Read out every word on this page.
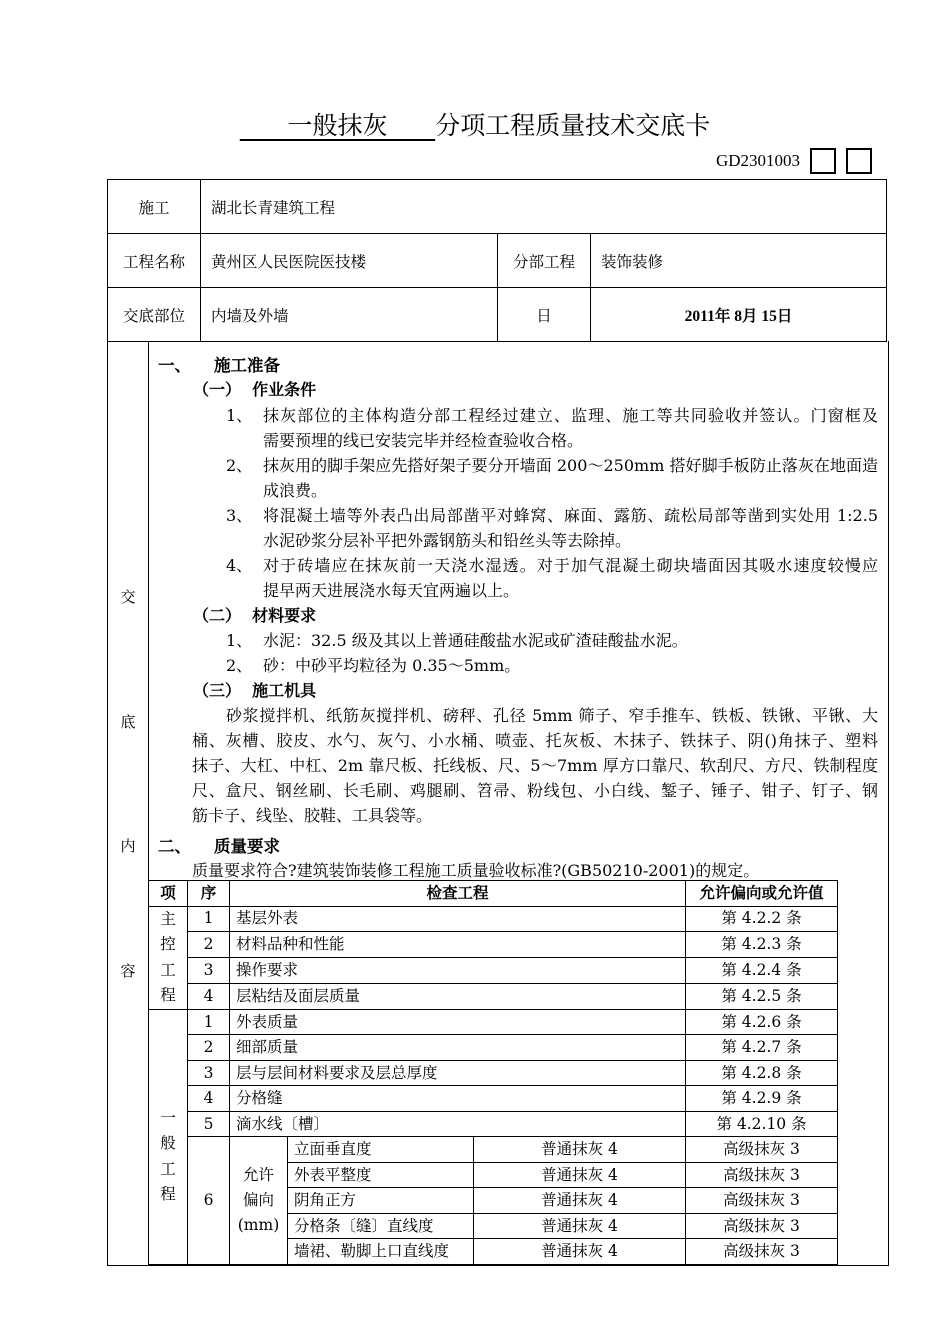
一般抹灰 分项工程质量技术交底卡
GD2301003
施工	湖北长青建筑工程		
工程名称	黄州区人民医院医技楼	分部工程	装饰装修
交底部位	内墙及外墙	日	2011年 8月 15日
交
底
内
容
一、    施工准备
（一）  作业条件
1、 抹灰部位的主体构造分部工程经过建立、监理、施工等共同验收并签认。门窗框及
需要预埋的线已安装完毕并经检查验收合格。
2、 抹灰用的脚手架应先搭好架子要分开墙面 200～250mm 搭好脚手板防止落灰在地面造
成浪费。
3、 将混凝土墙等外表凸出局部凿平对蜂窝、麻面、露筋、疏松局部等凿到实处用 1:2.5
水泥砂浆分层补平把外露钢筋头和铅丝头等去除掉。
4、 对于砖墙应在抹灰前一天浇水湿透。对于加气混凝土砌块墙面因其吸水速度较慢应
提早两天进展浇水每天宜两遍以上。
（二）  材料要求
1、 水泥：32.5 级及其以上普通硅酸盐水泥或矿渣硅酸盐水泥。
2、 砂：中砂平均粒径为 0.35～5mm。
（三）  施工机具
砂浆搅拌机、纸筋灰搅拌机、磅秤、孔径 5mm 筛子、窄手推车、铁板、铁锹、平锹、大
桶、灰槽、胶皮、水勺、灰勺、小水桶、喷壶、托灰板、木抹子、铁抹子、阴()角抹子、塑料
抹子、大杠、中杠、2m 靠尺板、托线板、尺、5～7mm 厚方口靠尺、软刮尺、方尺、铁制程度
尺、盒尺、钢丝刷、长毛刷、鸡腿刷、笤帚、粉线包、小白线、錾子、锤子、钳子、钉子、钢
筋卡子、线坠、胶鞋、工具袋等。
二、    质量要求
质量要求符合?建筑装饰装修工程施工质量验收标准?(GB50210-2001)的规定。
项	序	检查工程			允许偏向或允许值
主控工程	1	基层外表			第 4.2.2 条
	2	材料品种和性能			第 4.2.3 条
	3	操作要求			第 4.2.4 条
	4	层粘结及面层质量			第 4.2.5 条
一般工程	1	外表质量			第 4.2.6 条
	2	细部质量			第 4.2.7 条
	3	层与层间材料要求及层总厚度			第 4.2.8 条
	4	分格缝			第 4.2.9 条
	5	滴水线〔槽〕			第 4.2.10 条
	6	允许偏向(mm)	立面垂直度	普通抹灰 4	高级抹灰 3
			外表平整度	普通抹灰 4	高级抹灰 3
			阴角正方	普通抹灰 4	高级抹灰 3
			分格条〔缝〕直线度	普通抹灰 4	高级抹灰 3
			墙裙、勒脚上口直线度	普通抹灰 4	高级抹灰 3
